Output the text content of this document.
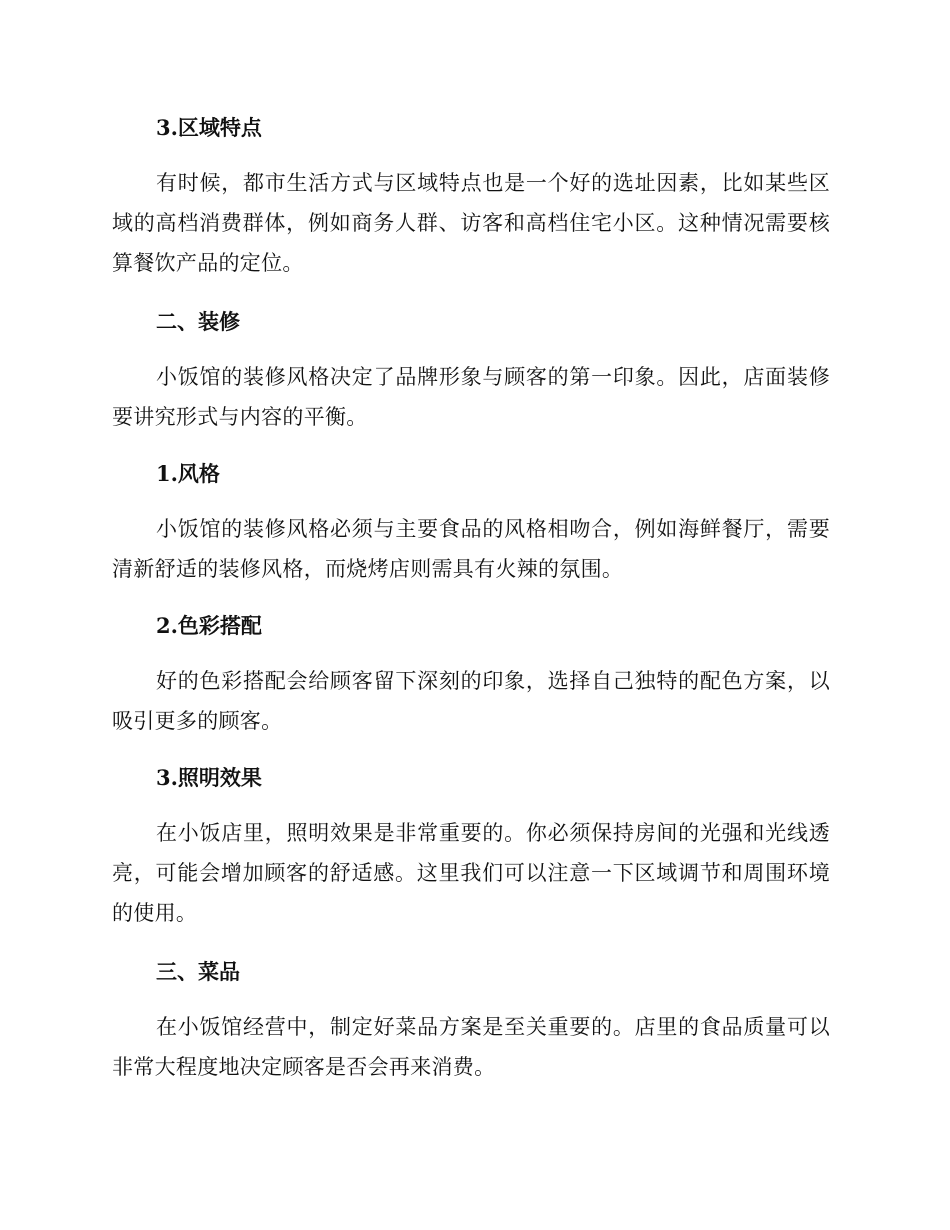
3.区域特点
有时候，都市生活方式与区域特点也是一个好的选址因素，比如某些区域的高档消费群体，例如商务人群、访客和高档住宅小区。这种情况需要核算餐饮产品的定位。
二、装修
小饭馆的装修风格决定了品牌形象与顾客的第一印象。因此，店面装修要讲究形式与内容的平衡。
1.风格
小饭馆的装修风格必须与主要食品的风格相吻合，例如海鲜餐厅，需要清新舒适的装修风格，而烧烤店则需具有火辣的氛围。
2.色彩搭配
好的色彩搭配会给顾客留下深刻的印象，选择自己独特的配色方案，以吸引更多的顾客。
3.照明效果
在小饭店里，照明效果是非常重要的。你必须保持房间的光强和光线透亮，可能会增加顾客的舒适感。这里我们可以注意一下区域调节和周围环境的使用。
三、菜品
在小饭馆经营中，制定好菜品方案是至关重要的。店里的食品质量可以非常大程度地决定顾客是否会再来消费。
